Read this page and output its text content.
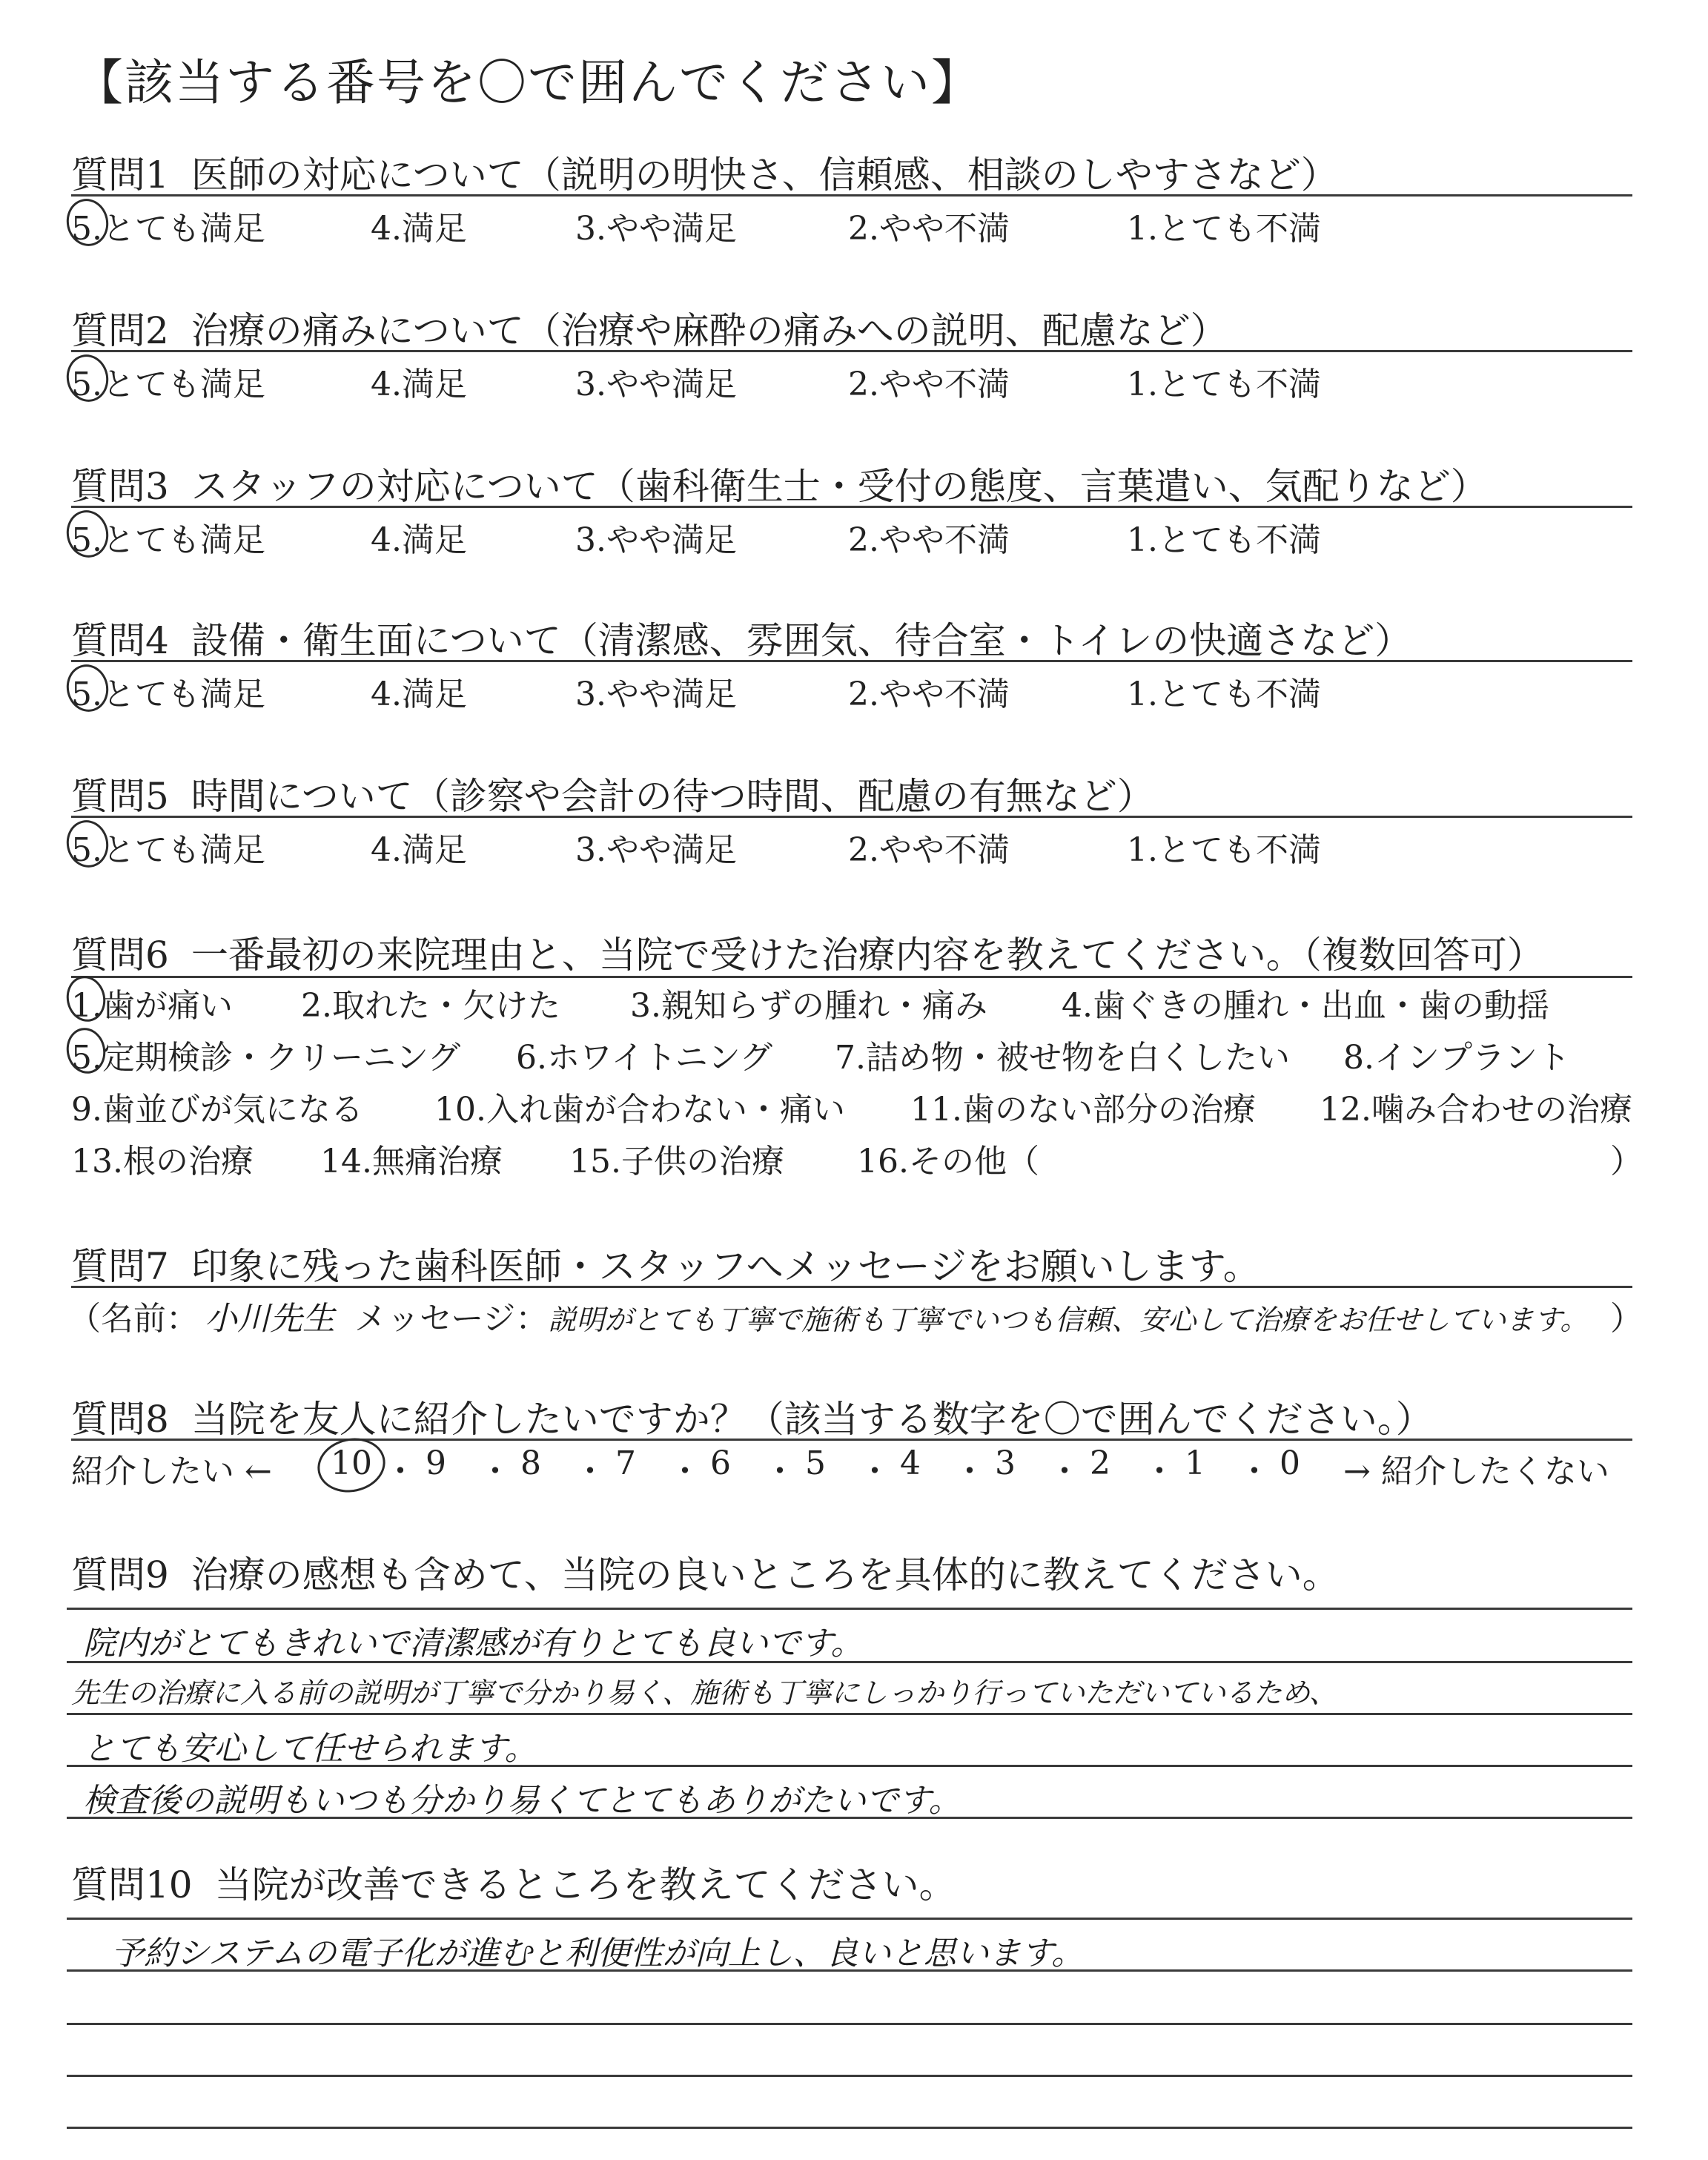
【該当する番号を〇で囲んでください】
質問1 医師の対応について（説明の明快さ、信頼感、相談のしやすさなど）
5.とても満足	4.満足	3.やや満足	2.やや不満	1.とても不満
質問2 治療の痛みについて（治療や麻酔の痛みへの説明、配慮など）
5.とても満足	4.満足	3.やや満足	2.やや不満	1.とても不満
質問3 スタッフの対応について（歯科衛生士・受付の態度、言葉遣い、気配りなど）
5.とても満足	4.満足	3.やや満足	2.やや不満	1.とても不満
質問4 設備・衛生面について（清潔感、雰囲気、待合室・トイレの快適さなど）
5.とても満足	4.満足	3.やや満足	2.やや不満	1.とても不満
質問5 時間について（診察や会計の待つ時間、配慮の有無など）
5.とても満足	4.満足	3.やや満足	2.やや不満	1.とても不満
質問6 一番最初の来院理由と、当院で受けた治療内容を教えてください。（複数回答可）
1.歯が痛い 2.取れた・欠けた 3.親知らずの腫れ・痛み 4.歯ぐきの腫れ・出血・歯の動揺
5.定期検診・クリーニング 6.ホワイトニング 7.詰め物・被せ物を白くしたい 8.インプラント
9.歯並びが気になる 10.入れ歯が合わない・痛い 11.歯のない部分の治療 12.噛み合わせの治療
13.根の治療 14.無痛治療 15.子供の治療 16.その他（	）
質問7 印象に残った歯科医師・スタッフへメッセージをお願いします。
（名前： 小川先生 メッセージ：説明がとても丁寧で施術も丁寧でいつも信頼、安心して治療をお任せしています。 ）
質問8 当院を友人に紹介したいですか？（該当する数字を〇で囲んでください。）
紹介したい ← 10 ・ 9 ・ 8 ・ 7 ・ 6 ・ 5 ・ 4 ・ 3 ・ 2 ・ 1 ・ 0 → 紹介したくない
質問9 治療の感想も含めて、当院の良いところを具体的に教えてください。
院内がとてもきれいで清潔感が有りとても良いです。
先生の治療に入る前の説明が丁寧で分かり易く、施術も丁寧にしっかり行っていただいているため、
とても安心して任せられます。
検査後の説明もいつも分かり易くてとてもありがたいです。
質問10 当院が改善できるところを教えてください。
予約システムの電子化が進むと利便性が向上し、良いと思います。
